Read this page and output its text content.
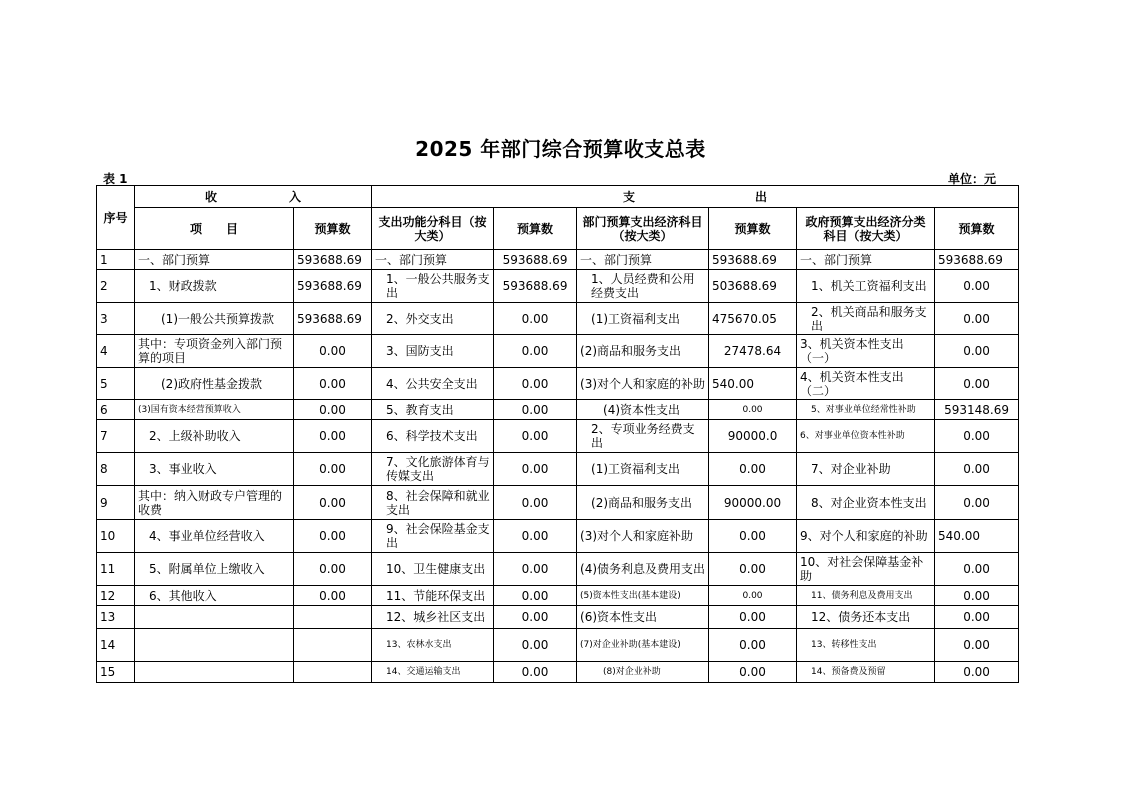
2025 年部门综合预算收支总表
表 1	单位：元
序号	收　　　　　　入		支　　　　　　　　　　出					
	项　　目	预算数	支出功能分科目（按大类）	预算数	部门预算支出经济科目（按大类）	预算数	政府预算支出经济分类科目（按大类）	预算数
1	一、部门预算	593688.69	一、部门预算	593688.69	一、部门预算	593688.69	一、部门预算	593688.69
2	1、财政拨款	593688.69	1、一般公共服务支出	593688.69	1、人员经费和公用经费支出	503688.69	1、机关工资福利支出	0.00
3	(1)一般公共预算拨款	593688.69	2、外交支出	0.00	(1)工资福利支出	475670.05	2、机关商品和服务支出	0.00
4	其中：专项资金列入部门预算的项目	0.00	3、国防支出	0.00	(2)商品和服务支出	27478.64	3、机关资本性支出（一）	0.00
5	(2)政府性基金拨款	0.00	4、公共安全支出	0.00	(3)对个人和家庭的补助	540.00	4、机关资本性支出（二）	0.00
6	(3)国有资本经营预算收入	0.00	5、教育支出	0.00	(4)资本性支出	0.00	5、对事业单位经常性补助	593148.69
7	2、上级补助收入	0.00	6、科学技术支出	0.00	2、专项业务经费支出	90000.0	6、对事业单位资本性补助	0.00
8	3、事业收入	0.00	7、文化旅游体育与传媒支出	0.00	(1)工资福利支出	0.00	7、对企业补助	0.00
9	其中：纳入财政专户管理的收费	0.00	8、社会保障和就业支出	0.00	(2)商品和服务支出	90000.00	8、对企业资本性支出	0.00
10	4、事业单位经营收入	0.00	9、社会保险基金支出	0.00	(3)对个人和家庭补助	0.00	9、对个人和家庭的补助	540.00
11	5、附属单位上缴收入	0.00	10、卫生健康支出	0.00	(4)债务利息及费用支出	0.00	10、对社会保障基金补助	0.00
12	6、其他收入	0.00	11、节能环保支出	0.00	(5)资本性支出(基本建设)	0.00	11、债务利息及费用支出	0.00
13			12、城乡社区支出	0.00	(6)资本性支出	0.00	12、债务还本支出	0.00
14			13、农林水支出	0.00	(7)对企业补助(基本建设)	0.00	13、转移性支出	0.00
15			14、交通运输支出	0.00	(8)对企业补助	0.00	14、预备费及预留	0.00
